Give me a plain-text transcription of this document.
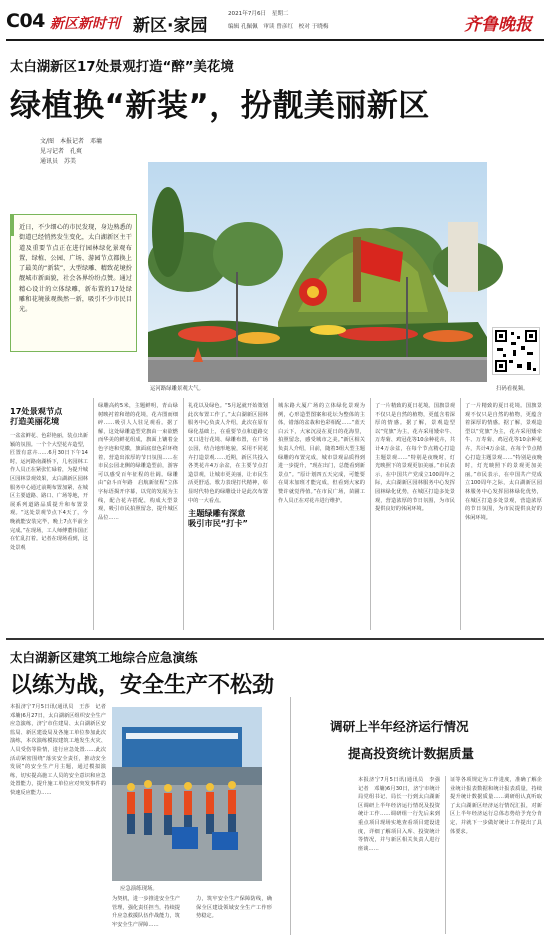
C04 新区新时刊 新区·家园
2021年7月6日　星期二
编辑 孔佩佩　审读 曾彦红　校对 于晓梅	齐鲁晚报
太白湖新区17处景观打造“醉”美花境
绿植换“新装”，扮靓美丽新区
文/图　本报记者　邓墉
见习记者　孔爽
通讯员　苏美
近日，不少细心的市民发现，身边熟悉的街道已经悄然发生变化，太白湖新区主干道及重要节点正在进行园林绿化景观布置，绿植、公园、广场、游园节点都换上了最美的“新装”，大型绿雕、精致花境扮靓城市新面貌，社会各界纷纷点赞。通过精心设计的立体绿雕，新布置的17处绿雕和花境景观焕然一新，吸引不少市民目光。
扫码看视频。
运河路绿雕景观大气。
17处景观节点
打造美丽花境
一盆盆鲜花、色彩艳丽，装点出新颖的氛围。一个个大型花卉造型，匠置有意卉……6月30日下午14时，运河路南湖桥下，几名园林工作人员正在紧张忙碌着，为提升城区园林景观效果，太白湖新区园林服务中心通过前期布置加紧，在城区主要道路、路口、广场等地，开展系列道路品质提升和布置景观。“这处景观节点下4天了，今晚就能安装完毕，晚上7点半前全完成。”在现场，工人师傅董伟国正在忙乱打着。记者在现场看到，这处景观
绿雕高约5米，主题鲜明，青山绿树映衬着和谐的花境，花卉图而细碎……吸引人人驻足观看。据了解，这处绿雕造型党旗由一束欲燃而华美的鲜花组成，旗面上镶着金色字迹和党徽，旗面底盘色彩环绕着，营造出浓厚的节日氛围……在市民公园北侧的绿雕造型前，游客可以感受百年征程的壮阔。绿雕由“奋斗百年路　启航新征程”立体字标语揭开序幕，以党的发展为主线，配合花卉搭配，构成大型景观，吸引市民拍照留念，提升城区品位……
礼花以及绿色。“5月起就开始策划此次布置工作了。”太白湖新区园林服务中心负责人介绍，此次在原有绿化基础上，在重要节点和道路交叉口进行花境、绿雕布置，在广场公园，结合地形地貌，采用不同花卉打造景观……近期，新区共投入各类花卉4万余盆，在主要节点打造景观，让城市更美丽，让市民生活更舒适。歌力表现打代精神，彰显时代特色的绿雕设计是此次布置中的一大看点。
主题绿雕有深意
吸引市民“打卡”
城东路大厦广场的立体绿化景观为例，心形造型图案和花坛为整体的主体，错落的盆栽和色彩相配……“蓝天白云下，大家沉浸在夏日的花海里，拍照留念，感受城市之美。”新区相关负责人介绍，目前，随着3组大型主题绿雕的布置完成，城市景观品质得到进一步提升，“现在出门，总能看到新景点”。“原计划四五天完成，可能要在周末加班才能完成，但看到大家的赞许就觉得值。”在市民广场，苗圃工作人员正在对花卉进行维护。
了一片精致的夏日花境。国旗景观不仅只是自然的植物，更蕴含着深厚的情感。据了解，景观造型以“党旗”为主，花卉采用矮牵牛、万寿菊、鸡冠花等10余种花卉，共计4万余盆，在每个节点精心打造主题景观……“特别是夜晚时，灯光映照下的景观更加美丽。”市民表示，在中国共产党成立100周年之际，太白湖新区园林服务中心发挥园林绿化优势，在城区打造多处景观，营造浓厚的节日氛围，为市民提供良好的休闲环境。
了一片精致的夏日花境。国旗景观不仅只是自然的植物，更蕴含着深厚的情感。据了解，景观造型以“党旗”为主，花卉采用矮牵牛、万寿菊、鸡冠花等10余种花卉，共计4万余盆，在每个节点精心打造主题景观……“特别是夜晚时，灯光映照下的景观更加美丽。”市民表示，在中国共产党成立100周年之际，太白湖新区园林服务中心发挥园林绿化优势，在城区打造多处景观，营造浓厚的节日氛围，为市民提供良好的休闲环境。
太白湖新区建筑工地综合应急演练
以练为战，安全生产不松劲
本报济宁7月5日讯(通讯员　王莎　记者　邓墉)6月27日，太白湖新区组织安全生产应急演练，济宁市住建局、太白湖新区安监局、新区建设局及各施工单位参加此次演练，本次演练模拟建筑工地发生火灾、人员受伤等险情，进行应急处置……此次活动紧密围绕“落实安全责任，推动安全发展”的安全生产月主题，通过模拟演练，切实提高施工人员的安全意识和应急处置能力，提升施工单位应对突发事件的快速反应能力……
应急演练现场。
为契机，进一步推进安全生产管理，强化责任担当，持续提升应急救援队伍作战能力，筑牢安全生产屏障……
力，筑牢安全生产保障防线，确保全区建设领域安全生产工作形势稳定。
调研上半年经济运行情况
提高投资统计数据质量
本报济宁7月5日讯(通讯员　李强　记者　邓墉)6月30日，济宁市统计局党组书记、局长一行到太白湖新区调研上半年经济运行情况及投资统计工作……调研组一行先后来到重点项目现场实地查看项目建设进度，详细了解项目入库、投资统计等情况，并与新区相关负责人进行座谈……
证等各项规定为工作进度，准确了解企业统计报表数据和统计报表质量，持续提升统计数据质量……调研组认真听取了太白湖新区经济运行情况汇报，对新区上半年经济运行总体态势给予充分肯定，并就下一步做好统计工作提出了具体要求。
